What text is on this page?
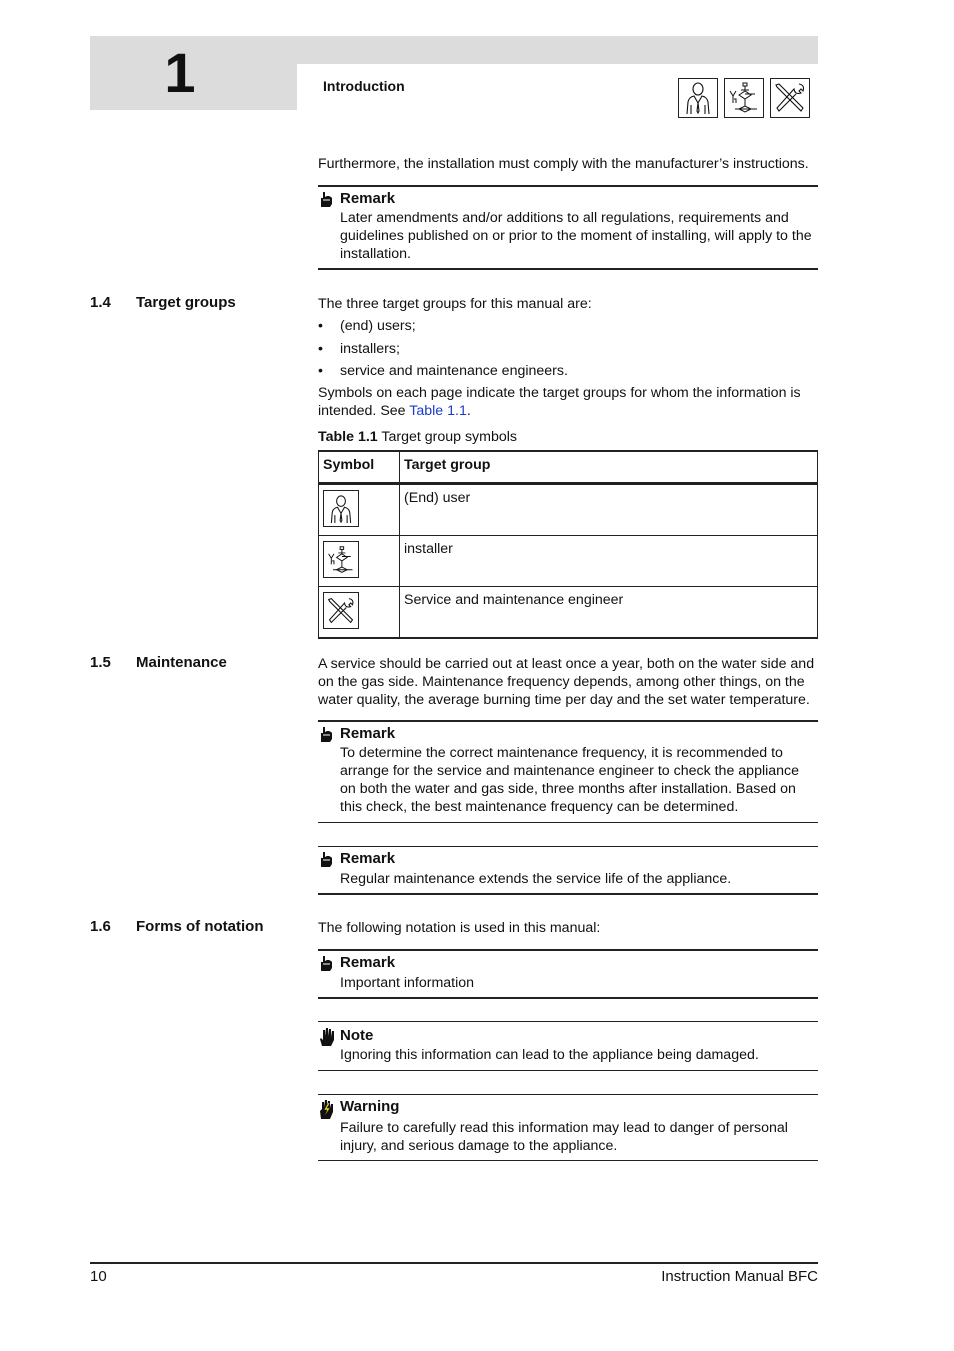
1	Introduction
Furthermore, the installation must comply with the manufacturer’s instructions.
Remark
Later amendments and/or additions to all regulations, requirements and guidelines published on or prior to the moment of installing, will apply to the installation.
1.4 Target groups	The three target groups for this manual are:
• (end) users;
• installers;
• service and maintenance engineers.
Symbols on each page indicate the target groups for whom the information is intended. See Table 1.1.
Table 1.1 Target group symbols
Symbol	Target group

	(End) user

	installer

	Service and maintenance engineer
1.5 Maintenance	A service should be carried out at least once a year, both on the water side and on the gas side. Maintenance frequency depends, among other things, on the water quality, the average burning time per day and the set water temperature.
Remark
To determine the correct maintenance frequency, it is recommended to arrange for the service and maintenance engineer to check the appliance on both the water and gas side, three months after installation. Based on this check, the best maintenance frequency can be determined.
Remark
Regular maintenance extends the service life of the appliance.
1.6 Forms of notation	The following notation is used in this manual:
Remark
Important information
Note
Ignoring this information can lead to the appliance being damaged.
Warning
Failure to carefully read this information may lead to danger of personal injury, and serious damage to the appliance.
10	Instruction Manual BFC
